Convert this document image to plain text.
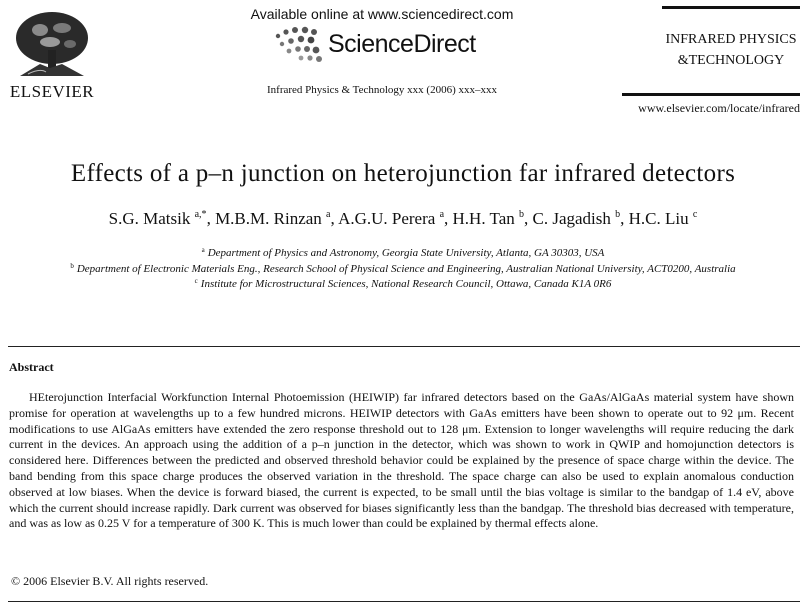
ELSEVIER
Available online at www.sciencedirect.com
ScienceDirect
Infrared Physics & Technology xxx (2006) xxx–xxx
INFRARED PHYSICS
&TECHNOLOGY
www.elsevier.com/locate/infrared
Effects of a p–n junction on heterojunction far infrared detectors
S.G. Matsik $^{a,*}$, M.B.M. Rinzan $^a$, A.G.U. Perera $^a$, H.H. Tan $^b$, C. Jagadish $^b$, H.C. Liu $^c$
$^a$ Department of Physics and Astronomy, Georgia State University, Atlanta, GA 30303, USA
$^b$ Department of Electronic Materials Eng., Research School of Physical Science and Engineering, Australian National University, ACT0200, Australia
$^c$ Institute for Microstructural Sciences, National Research Council, Ottawa, Canada K1A 0R6
Abstract

HEterojunction Interfacial Workfunction Internal Photoemission (HEIWIP) far infrared detectors based on the GaAs/AlGaAs material system have shown promise for operation at wavelengths up to a few hundred microns. HEIWIP detectors with GaAs emitters have been shown to operate out to 92 μm. Recent modifications to use AlGaAs emitters have extended the zero response threshold out to 128 μm. Extension to longer wavelengths will require reducing the dark current in the devices. An approach using the addition of a p–n junction in the detector, which was shown to work in QWIP and homojunction detectors is considered here. Differences between the predicted and observed threshold behavior could be explained by the presence of space charge within the device. The band bending from this space charge produces the observed variation in the threshold. The space charge can also be used to explain anomalous conduction observed at low biases. When the device is forward biased, the current is expected, to be small until the bias voltage is similar to the bandgap of 1.4 eV, above which the current should increase rapidly. Dark current was observed for biases significantly less than the bandgap. The threshold bias decreased with temperature, and was as low as 0.25 V for a temperature of 300 K. This is much lower than could be explained by thermal effects alone.

© 2006 Elsevier B.V. All rights reserved.
